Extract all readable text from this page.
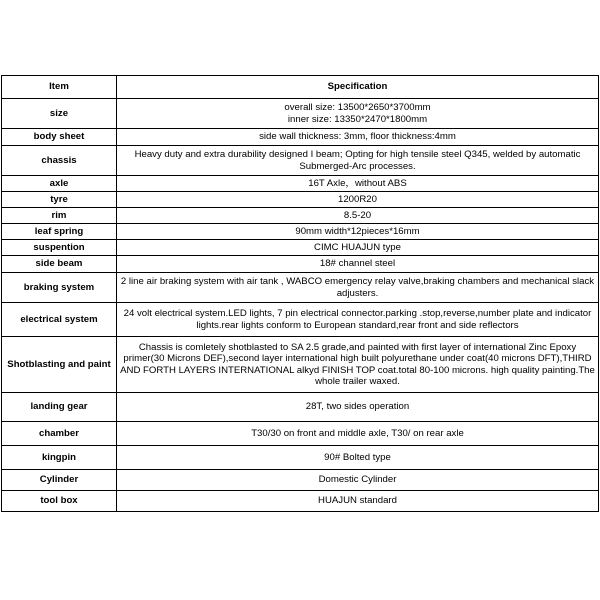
Item	Specification
size	overall size: 13500*2650*3700mm
inner size: 13350*2470*1800mm

body sheet	side wall thickness: 3mm, floor thickness:4mm
chassis	Heavy duty and extra durability designed I beam; Opting for high tensile steel Q345, welded by automatic Submerged-Arc processes.
axle	16T Axle，without ABS
tyre	1200R20
rim	8.5-20
leaf spring	90mm width*12pieces*16mm
suspention	CIMC HUAJUN type
side beam	18# channel steel
braking system	2 line air braking system with air tank , WABCO emergency relay valve,braking chambers and mechanical slack adjusters.
electrical system	24 volt electrical system.LED lights, 7 pin electrical connector.parking .stop,reverse,number plate and indicator lights.rear lights conform to European standard,rear front and side reflectors
Shotblasting and paint	Chassis is comletely shotblasted to SA 2.5 grade,and painted with first layer of international Zinc Epoxy primer(30 Microns DEF),second layer international high built polyurethane under coat(40 microns DFT),THIRD AND FORTH LAYERS INTERNATIONAL alkyd FINISH TOP coat.total 80-100 microns. high quality painting.The whole trailer waxed.
landing gear	28T, two sides operation
chamber	T30/30 on front and middle axle, T30/ on rear axle
kingpin	90# Bolted type
Cylinder	Domestic Cylinder
tool box	HUAJUN standard
